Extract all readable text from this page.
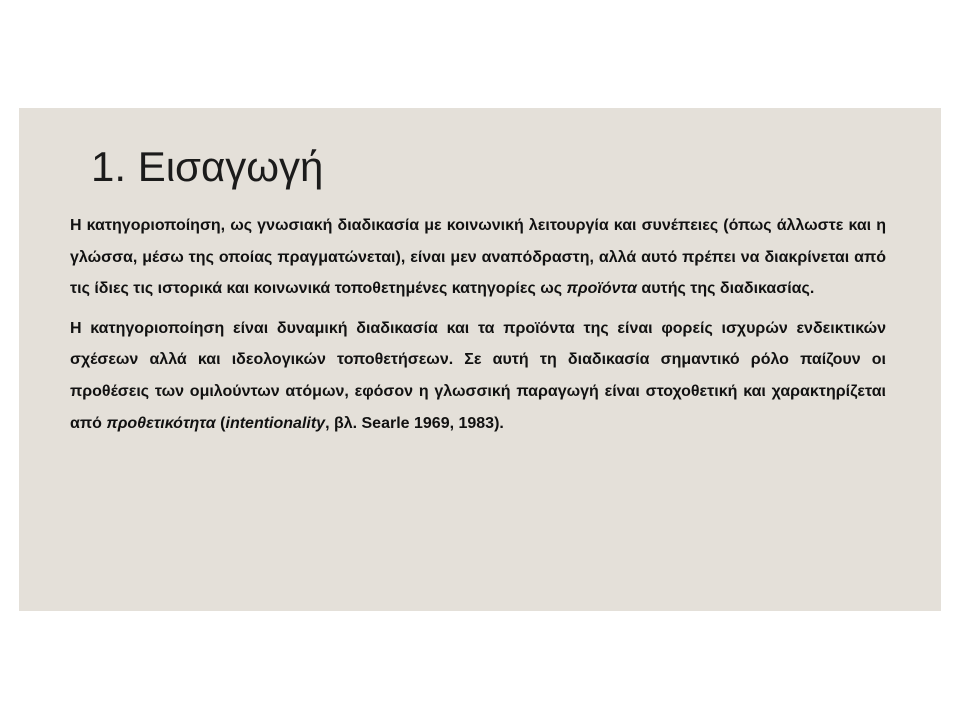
1. Εισαγωγή

Η κατηγοριοποίηση, ως γνωσιακή διαδικασία με κοινωνική λειτουργία και συνέπειες (όπως άλλωστε και η γλώσσα, μέσω της οποίας πραγματώνεται), είναι μεν αναπόδραστη, αλλά αυτό πρέπει να διακρίνεται από τις ίδιες τις ιστορικά και κοινωνικά τοποθετημένες κατηγορίες ως προϊόντα αυτής της διαδικασίας.

Η κατηγοριοποίηση είναι δυναμική διαδικασία και τα προϊόντα της είναι φορείς ισχυρών ενδεικτικών σχέσεων αλλά και ιδεολογικών τοποθετήσεων. Σε αυτή τη διαδικασία σημαντικό ρόλο παίζουν οι προθέσεις των ομιλούντων ατόμων, εφόσον η γλωσσική παραγωγή είναι στοχοθετική και χαρακτηρίζεται από προθετικότητα (intentionality, βλ. Searle 1969, 1983).
